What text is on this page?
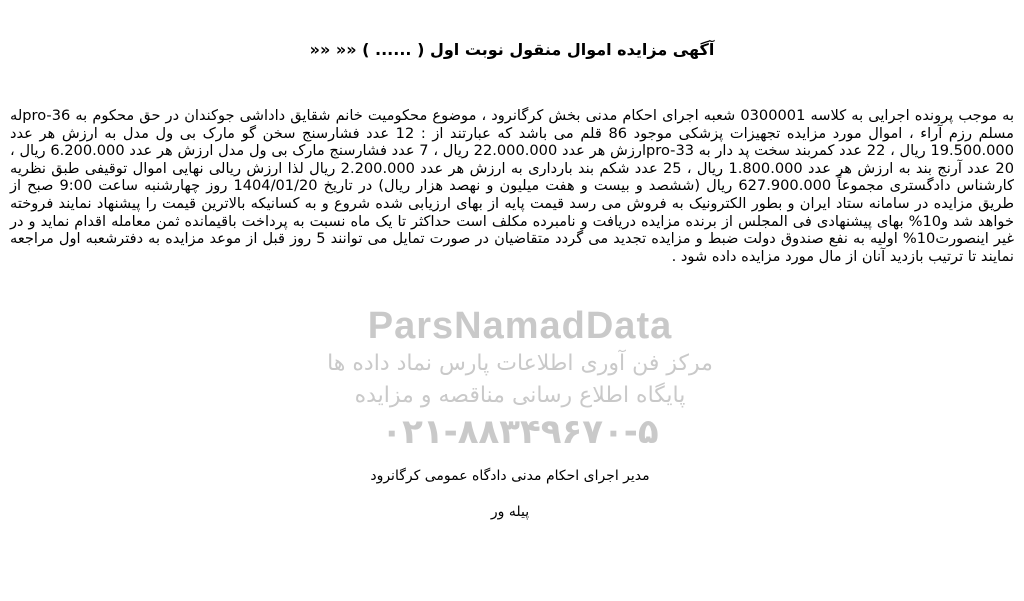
آگهی مزایده اموال منقول نوبت اول ( ...... ) «« ««

به موجب پرونده اجرایی به کلاسه 0300001 شعبه اجرای احکام مدنی بخش کرگانرود ، موضوع محکومیت خانم شقایق داداشی جوکندان در حق محکوم به pro-36له مسلم رزم آراء ، اموال مورد مزایده تجهیزات پزشکی موجود 86 قلم می باشد که عبارتند از : 12 عدد فشارسنج سخن گو مارک بی ول مدل به ارزش هر عدد 19.500.000 ریال ، 22 عدد کمربند سخت پد دار به pro-33ارزش هر عدد 22.000.000 ریال ، 7 عدد فشارسنج مارک بی ول مدل ارزش هر عدد 6.200.000 ریال ، 20 عدد آرنج بند به ارزش هر عدد 1.800.000 ریال ، 25 عدد شکم بند بارداری به ارزش هر عدد 2.200.000 ریال لذا ارزش ریالی نهایی اموال توقیفی طبق نظریه کارشناس دادگستری مجموعاً 627.900.000 ریال (ششصد و بیست و هفت میلیون و نهصد هزار ریال) در تاریخ 1404/01/20 روز چهارشنبه ساعت 9:00 صبح از طریق مزایده در سامانه ستاد ایران و بطور الکترونیک به فروش می رسد قیمت پایه از بهای ارزیابی شده شروع و به کسانیکه بالاترین قیمت را پیشنهاد نمایند فروخته خواهد شد و10% بهای پیشنهادی فی المجلس از برنده مزایده دریافت و نامبرده مکلف است حداکثر تا یک ماه نسبت به پرداخت باقیمانده ثمن معامله اقدام نماید و در غیر اینصورت10% اولیه به نفع صندوق دولت ضبط و مزایده تجدید می گردد متقاضیان در صورت تمایل می توانند 5 روز قبل از موعد مزایده به دفترشعبه اول مراجعه نمایند تا ترتیب بازدید آنان از مال مورد مزایده داده شود .

ParsNamadData
مرکز فن آوری اطلاعات پارس نماد داده ها
پایگاه اطلاع رسانی مناقصه و مزایده
۰۲۱-۸۸۳۴۹۶۷۰-۵
مدیر اجرای احکام مدنی دادگاه عمومی کرگانرود
پیله ور
